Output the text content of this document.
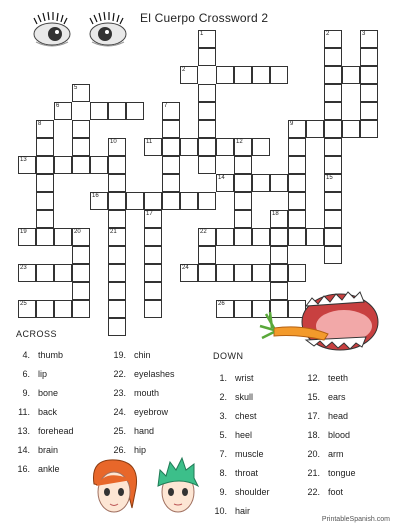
El Cuerpo Crossword 2
1	2	3
2
5
6	7
8	9
10	11	12
13
14	15
16
17	18
19	20	21	22
23	24
25	26
ACROSS
4. thumb
6. lip
9. bone
11. back
13. forehead
14. brain
16. ankle
19. chin
22. eyelashes
23. mouth
24. eyebrow
25. hand
26. hip
DOWN
1. wrist
2. skull
3. chest
5. heel
7. muscle
8. throat
9. shoulder
10. hair
12. teeth
15. ears
17. head
18. blood
20. arm
21. tongue
22. foot
PrintableSpanish.com
